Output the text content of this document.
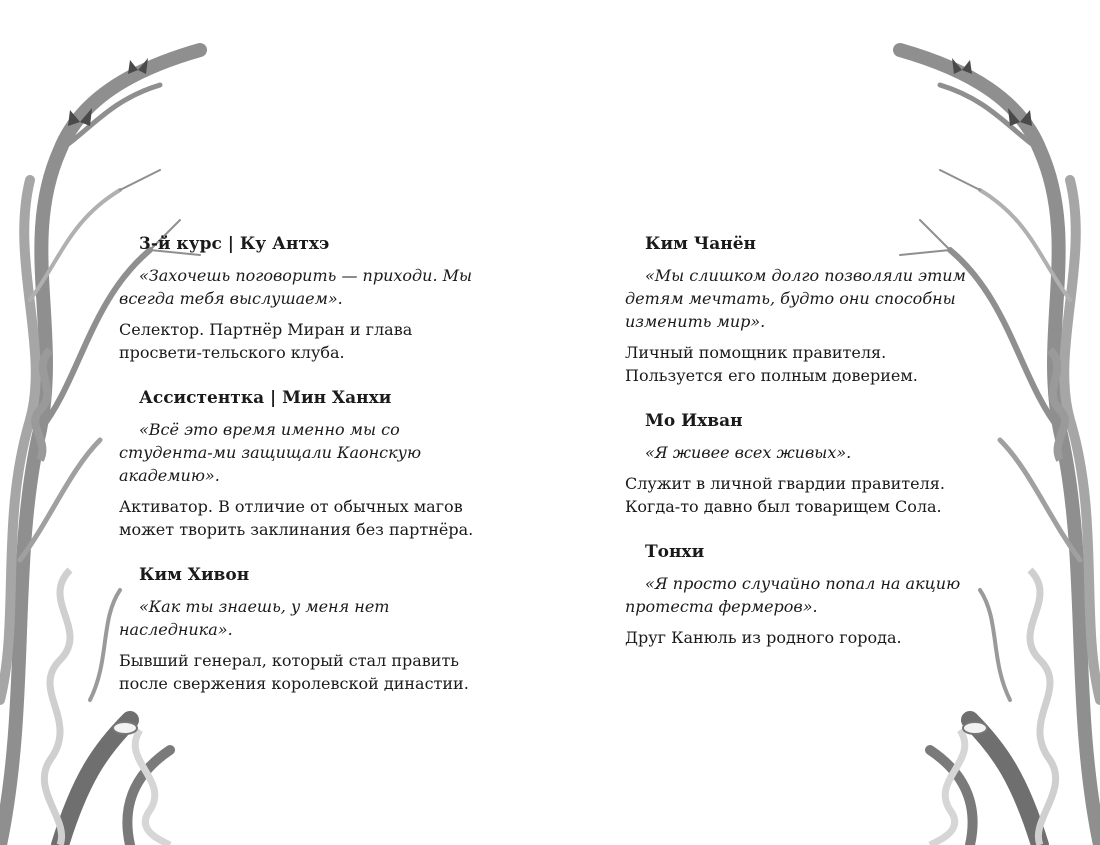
3-й курс | Ку Антхэ
«Захочешь поговорить — приходи. Мы всегда тебя выслушаем».
Селектор. Партнёр Миран и глава просвети-тельского клуба.
Ассистентка | Мин Ханхи
«Всё это время именно мы со студента-ми защищали Каонскую академию».
Активатор. В отличие от обычных магов может творить заклинания без партнёра.
Ким Хивон
«Как ты знаешь, у меня нет наследника».
Бывший генерал, который стал править после свержения королевской династии.
Ким Чанён
«Мы слишком долго позволяли этим детям мечтать, будто они способны изменить мир».
Личный помощник правителя. Пользуется его полным доверием.
Мо Ихван
«Я живее всех живых».
Служит в личной гвардии правителя. Когда-то давно был товарищем Сола.
Тонхи
«Я просто случайно попал на акцию протеста фермеров».
Друг Канюль из родного города.
